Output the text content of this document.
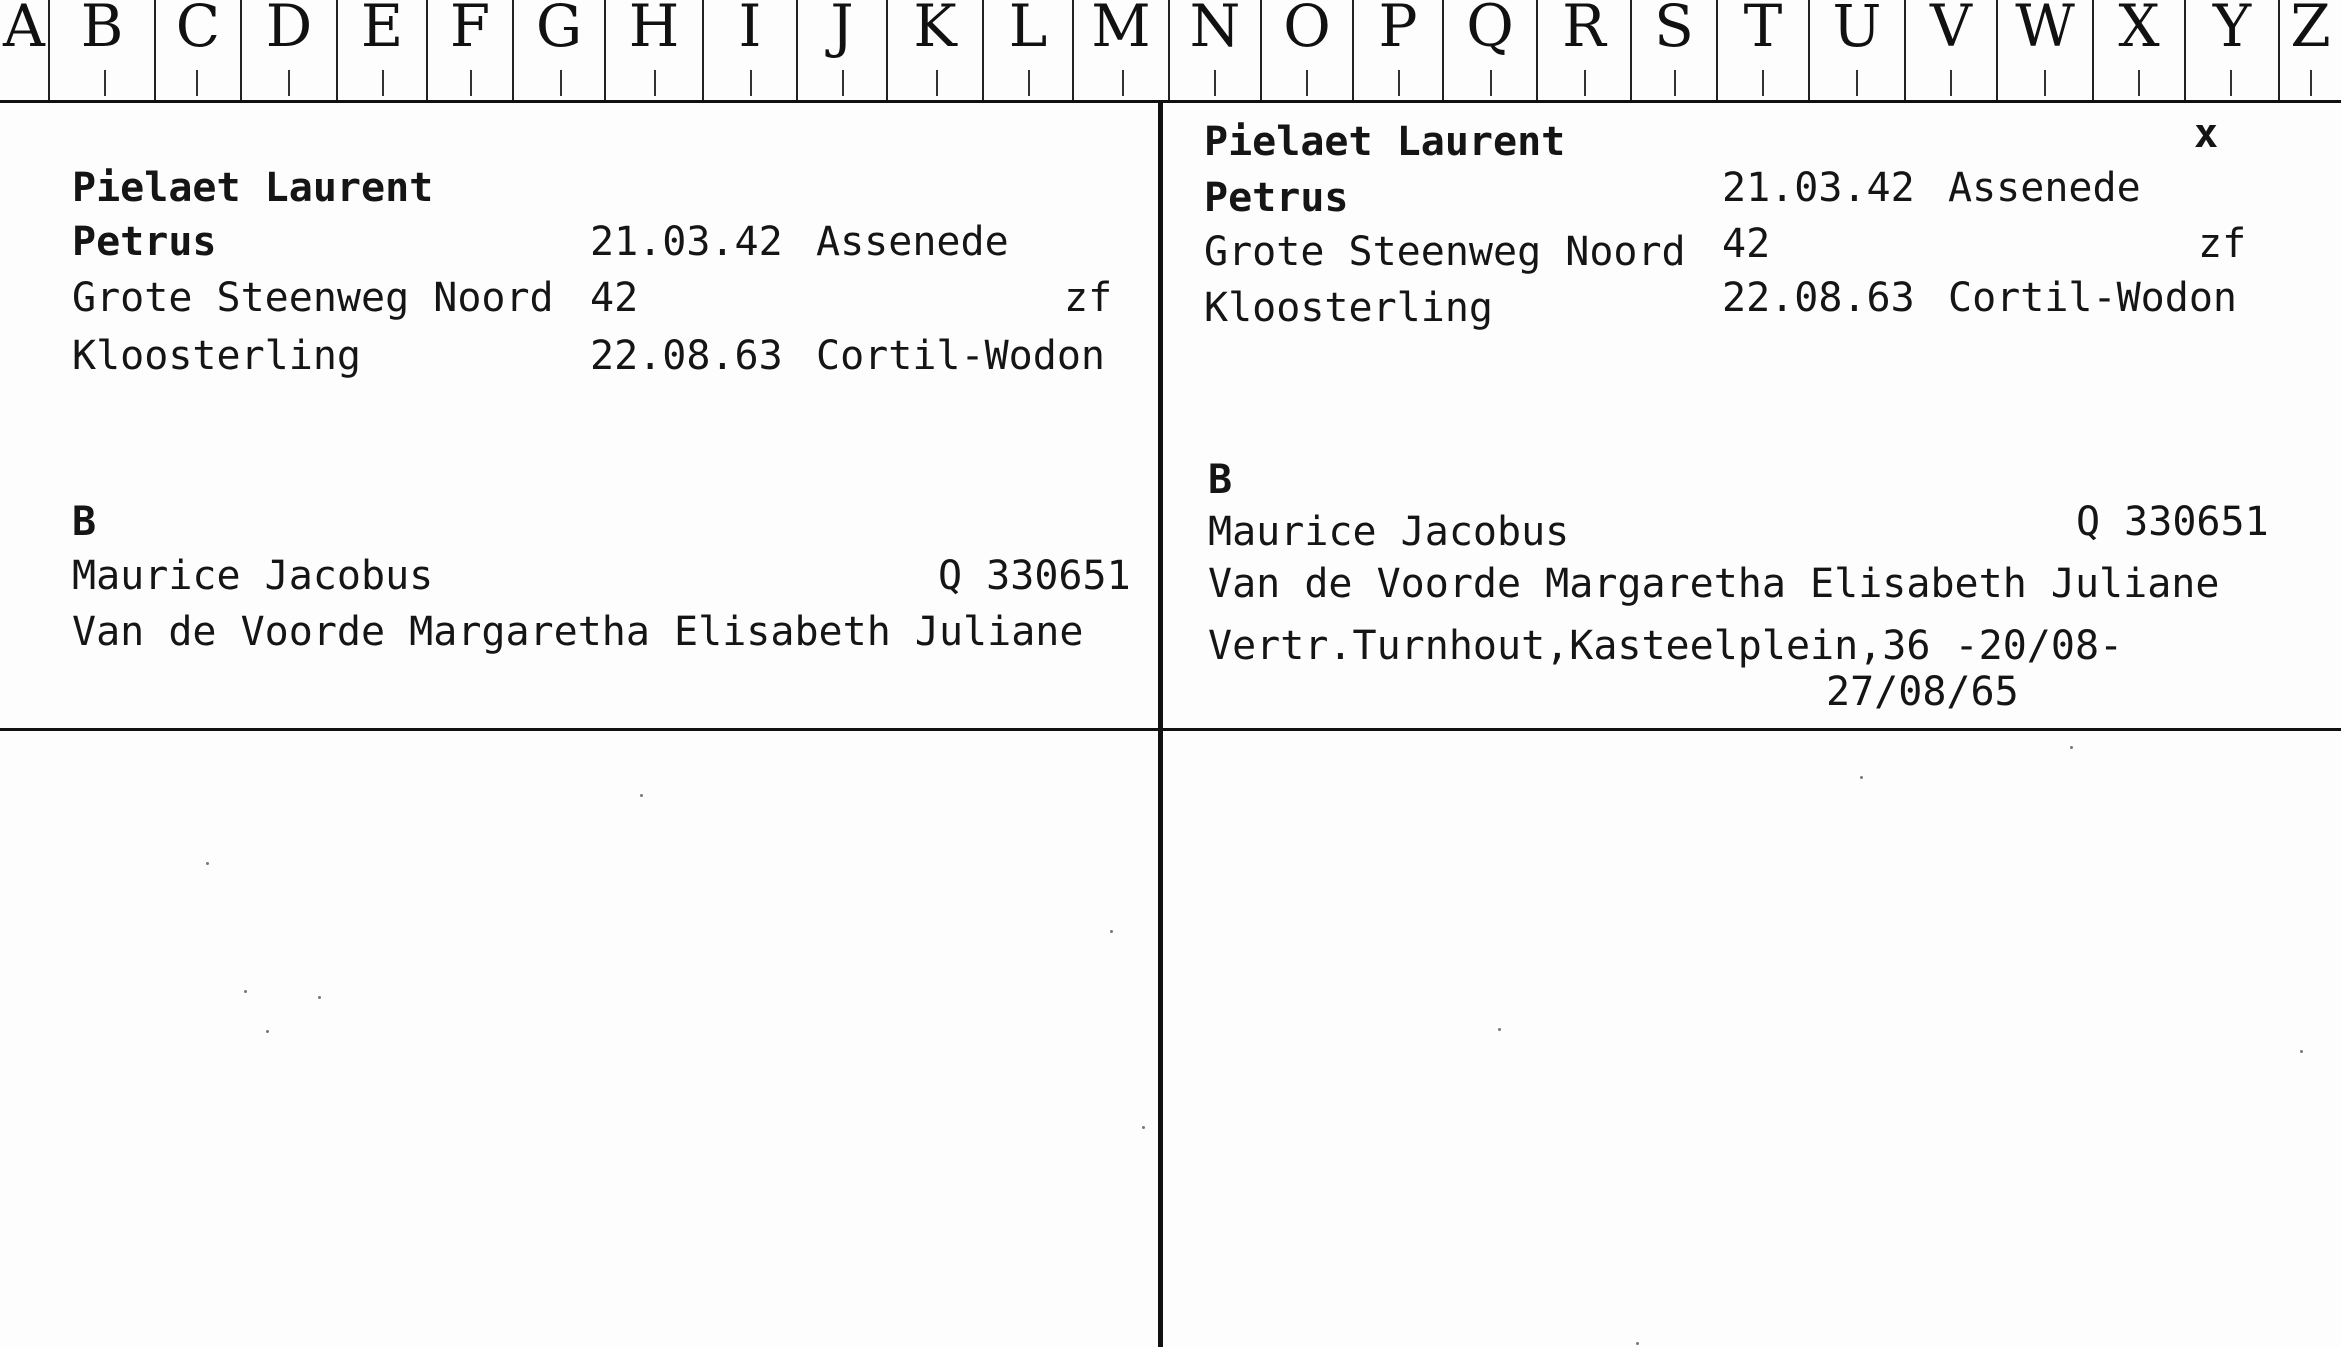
A B C D E F G H	I	J	K L M N O P Q R S T U V W X Y Z
Pielaet Laurent
Petrus	21.03.42 Assenede
Grote Steenweg Noord 42	zf
Kloosterling	22.08.63 Cortil-Wodon
B
Maurice Jacobus	Q 330651
Van de Voorde Margaretha Elisabeth Juliane
Pielaet Laurent	x
Petrus	21.03.42 Assenede
Grote Steenweg Noord 42	zf
Kloosterling	22.08.63 Cortil-Wodon
B
Maurice Jacobus	Q 330651
Van de Voorde Margaretha Elisabeth Juliane
Vertr.Turnhout,Kasteelplein,36 -20/08-
27/08/65
